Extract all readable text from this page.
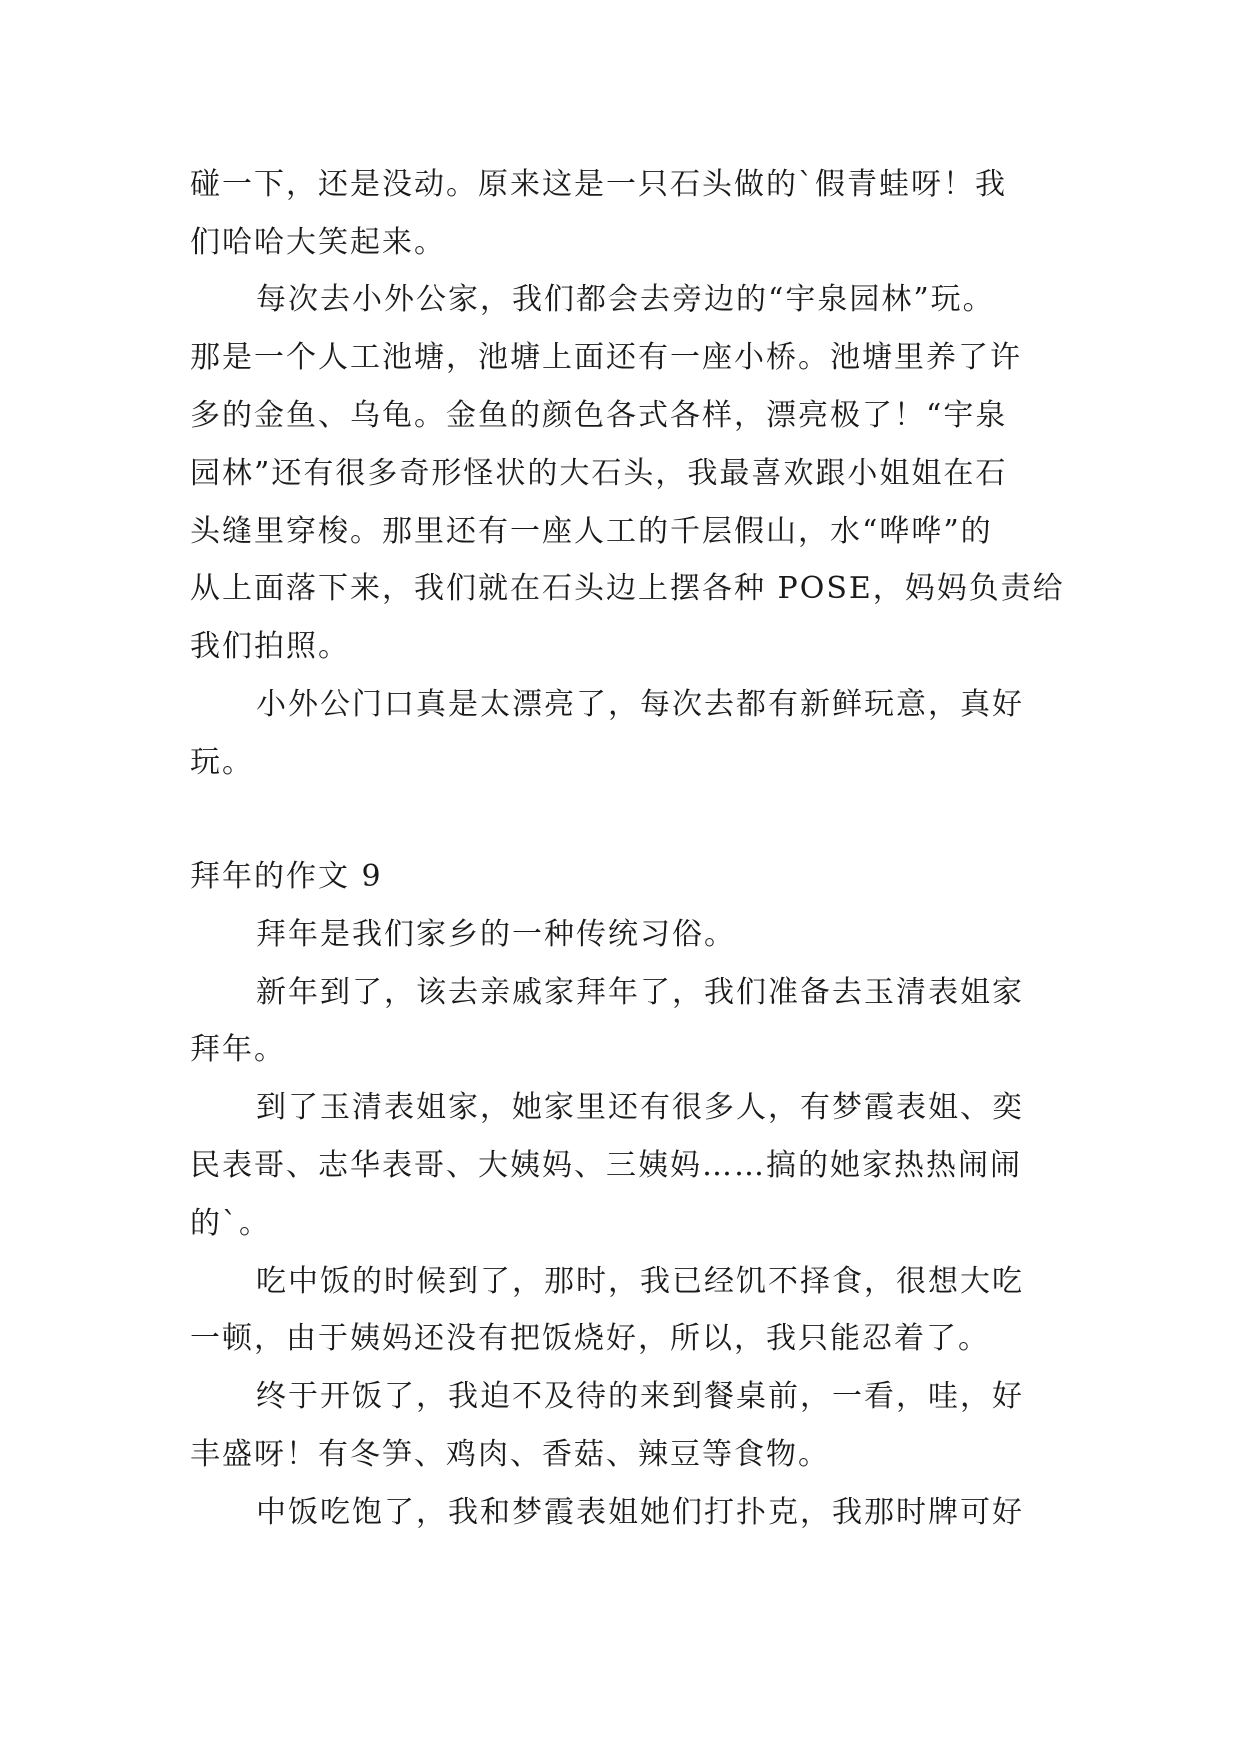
碰一下，还是没动。原来这是一只石头做的`假青蛙呀！我
们哈哈大笑起来。
每次去小外公家，我们都会去旁边的“宇泉园林”玩。
那是一个人工池塘，池塘上面还有一座小桥。池塘里养了许
多的金鱼、乌龟。金鱼的颜色各式各样，漂亮极了！“宇泉
园林”还有很多奇形怪状的大石头，我最喜欢跟小姐姐在石
头缝里穿梭。那里还有一座人工的千层假山，水“哗哗”的
从上面落下来，我们就在石头边上摆各种 POSE，妈妈负责给
我们拍照。
小外公门口真是太漂亮了，每次去都有新鲜玩意，真好
玩。
拜年的作文 9
拜年是我们家乡的一种传统习俗。
新年到了，该去亲戚家拜年了，我们准备去玉清表姐家
拜年。
到了玉清表姐家，她家里还有很多人，有梦霞表姐、奕
民表哥、志华表哥、大姨妈、三姨妈……搞的她家热热闹闹
的`。
吃中饭的时候到了，那时，我已经饥不择食，很想大吃
一顿，由于姨妈还没有把饭烧好，所以，我只能忍着了。
终于开饭了，我迫不及待的来到餐桌前，一看，哇，好
丰盛呀！有冬笋、鸡肉、香菇、辣豆等食物。
中饭吃饱了，我和梦霞表姐她们打扑克，我那时牌可好
